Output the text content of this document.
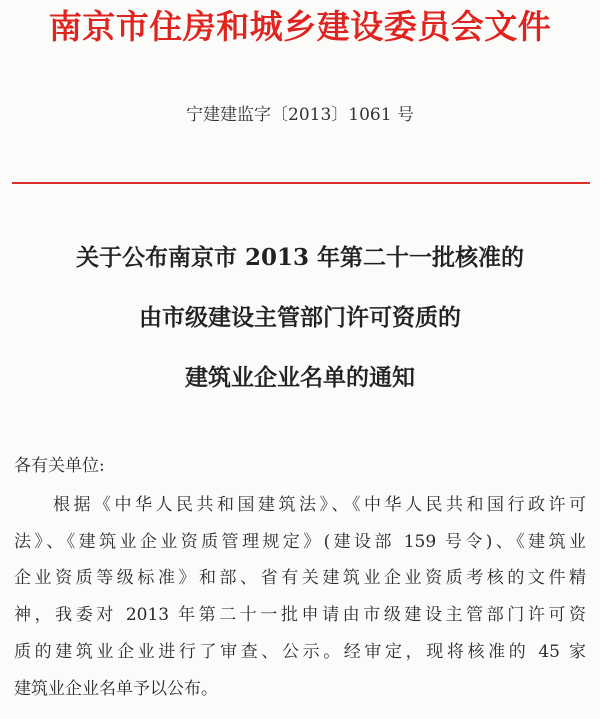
南京市住房和城乡建设委员会文件
宁建建监字〔2013〕1061 号
关于公布南京市 2013 年第二十一批核准的
由市级建设主管部门许可资质的
建筑业企业名单的通知
各有关单位:
根据《中华人民共和国建筑法》、《中华人民共和国行政许可
法》、《建筑业企业资质管理规定》(建设部 159 号令)、《建筑业
企业资质等级标准》和部、省有关建筑业企业资质考核的文件精
神，我委对 2013 年第二十一批申请由市级建设主管部门许可资
质的建筑业企业进行了审查、公示。经审定，现将核准的 45 家
建筑业企业名单予以公布。
